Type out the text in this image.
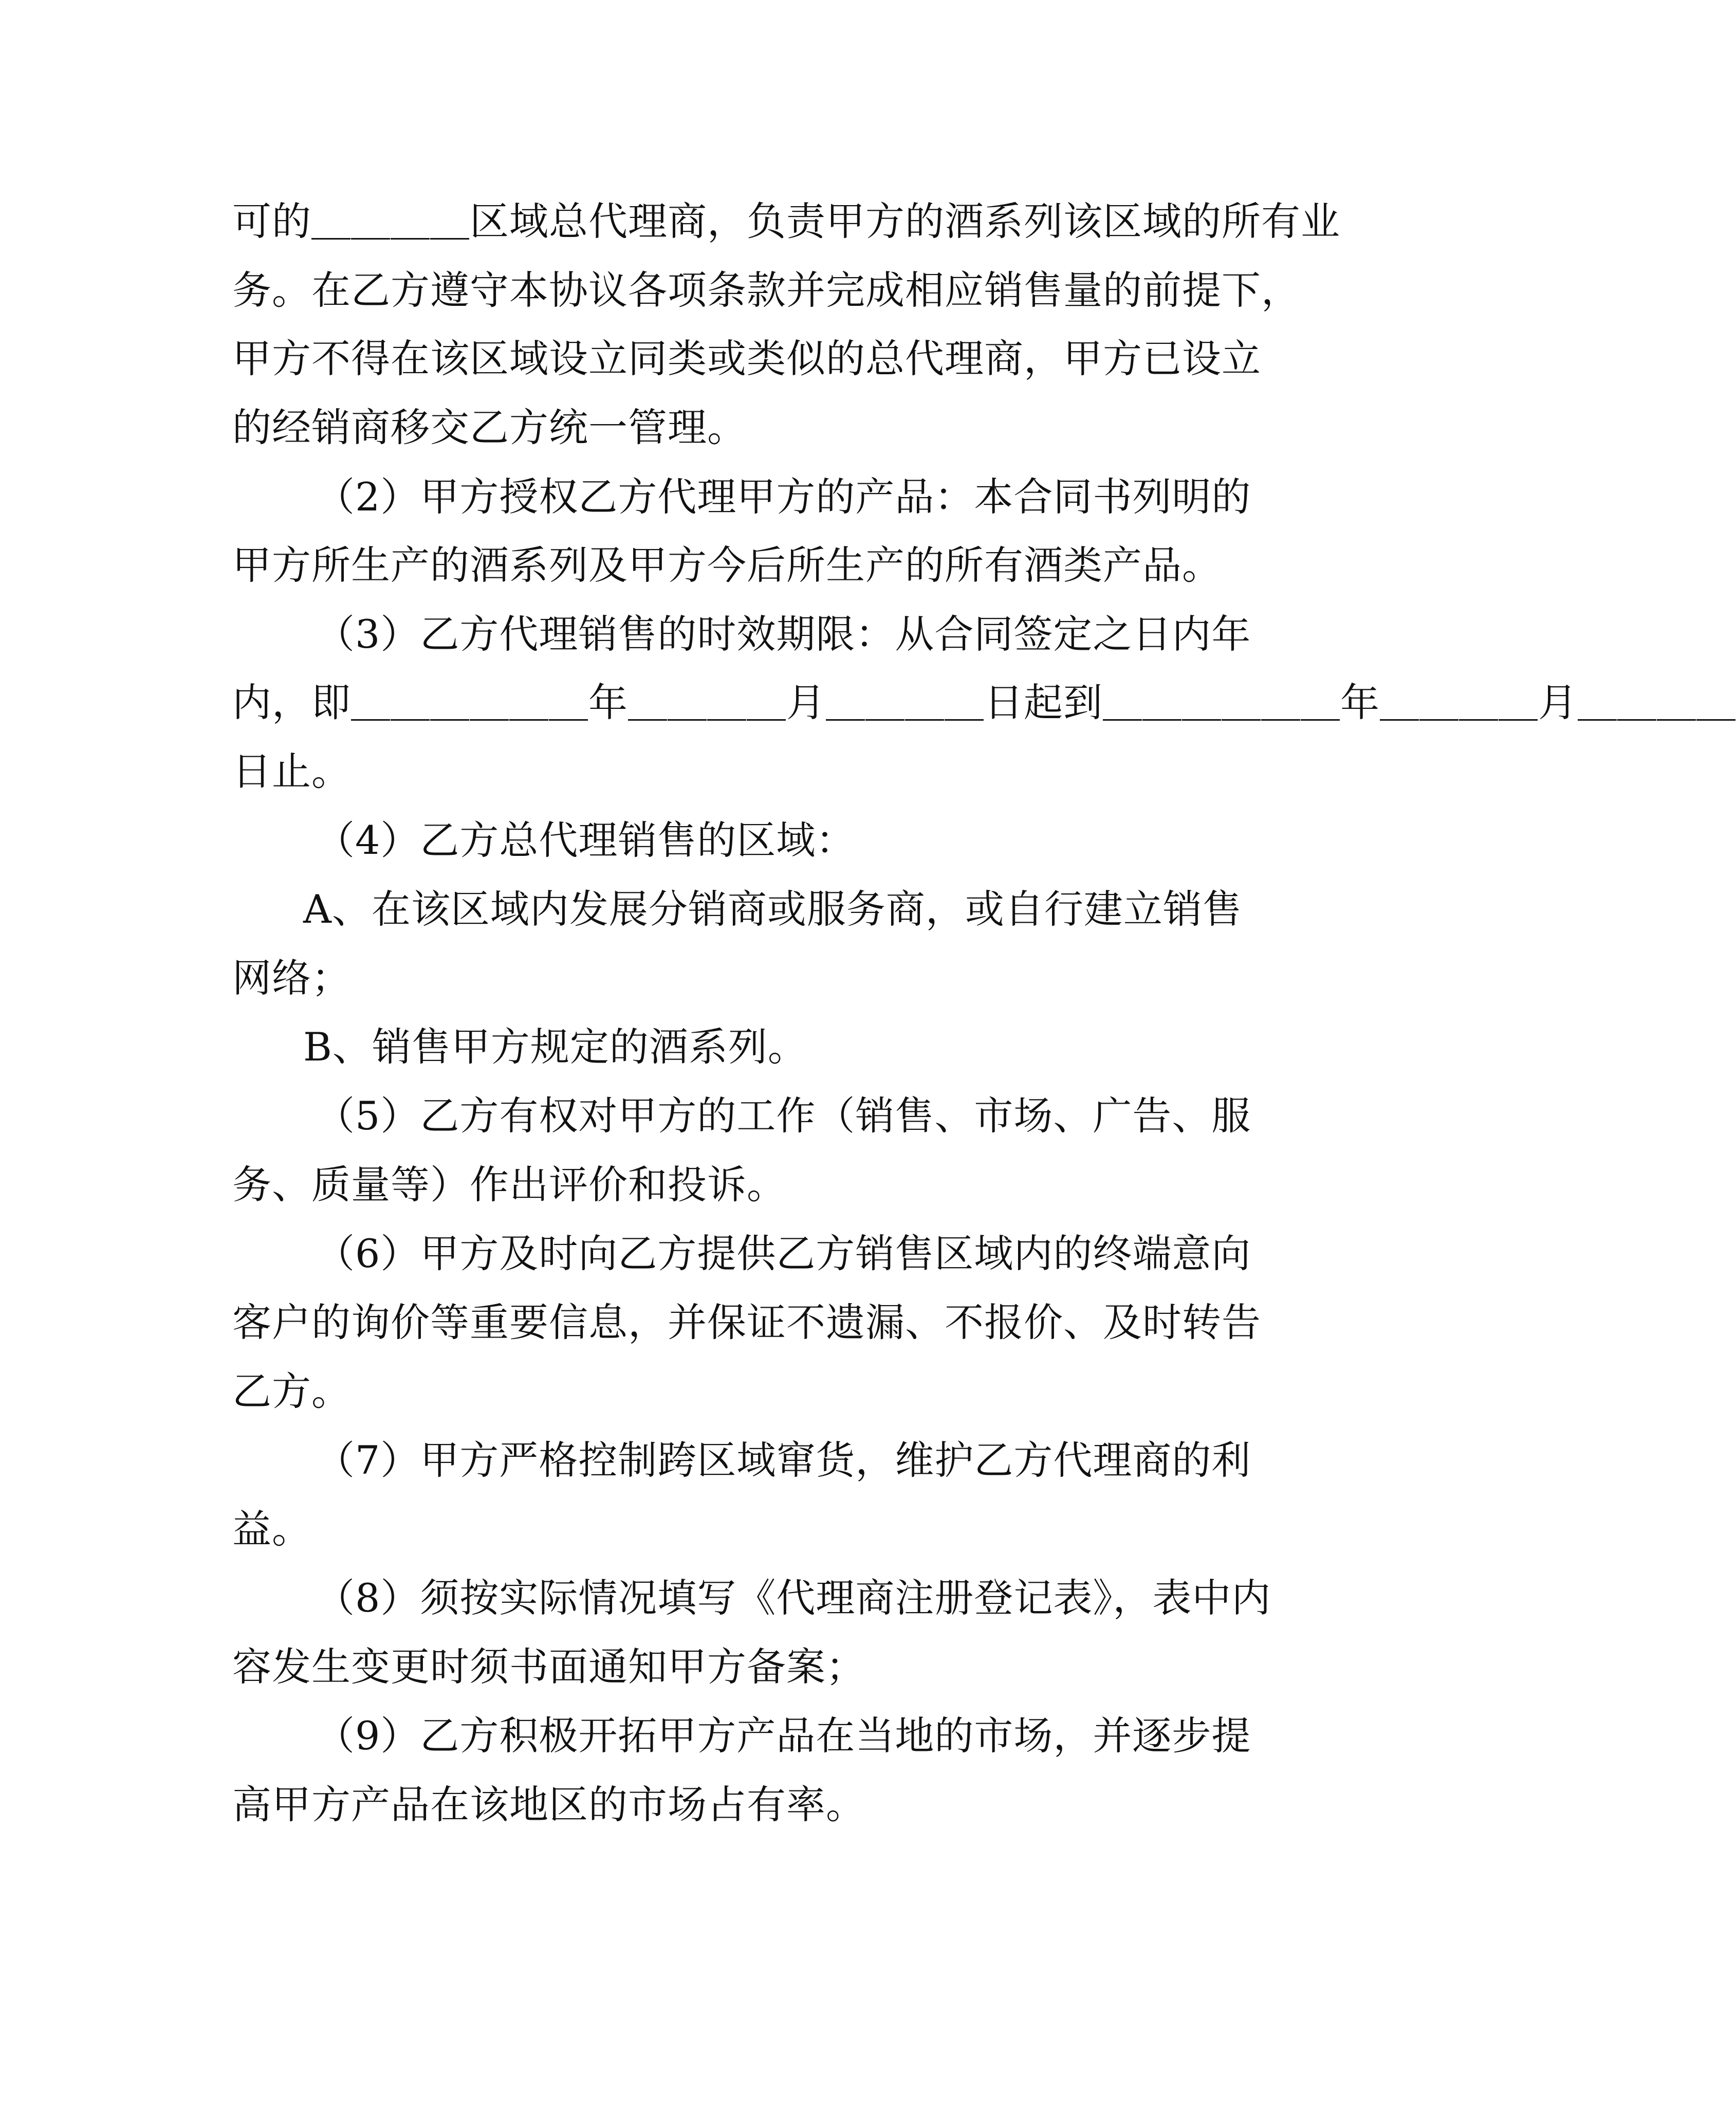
可的＿＿＿＿区域总代理商，负责甲方的酒系列该区域的所有业
务。在乙方遵守本协议各项条款并完成相应销售量的前提下，
甲方不得在该区域设立同类或类似的总代理商，甲方已设立
的经销商移交乙方统一管理。
（2）甲方授权乙方代理甲方的产品：本合同书列明的
甲方所生产的酒系列及甲方今后所生产的所有酒类产品。
（3）乙方代理销售的时效期限：从合同签定之日内年
内，即＿＿＿＿＿＿年＿＿＿＿月＿＿＿＿日起到＿＿＿＿＿＿年＿＿＿＿月＿＿＿＿
日止。
（4）乙方总代理销售的区域：
A、在该区域内发展分销商或服务商，或自行建立销售
网络；
B、销售甲方规定的酒系列。
（5）乙方有权对甲方的工作（销售、市场、广告、服
务、质量等）作出评价和投诉。
（6）甲方及时向乙方提供乙方销售区域内的终端意向
客户的询价等重要信息，并保证不遗漏、不报价、及时转告
乙方。
（7）甲方严格控制跨区域窜货，维护乙方代理商的利
益。
（8）须按实际情况填写《代理商注册登记表》，表中内
容发生变更时须书面通知甲方备案；
（9）乙方积极开拓甲方产品在当地的市场，并逐步提
高甲方产品在该地区的市场占有率。
